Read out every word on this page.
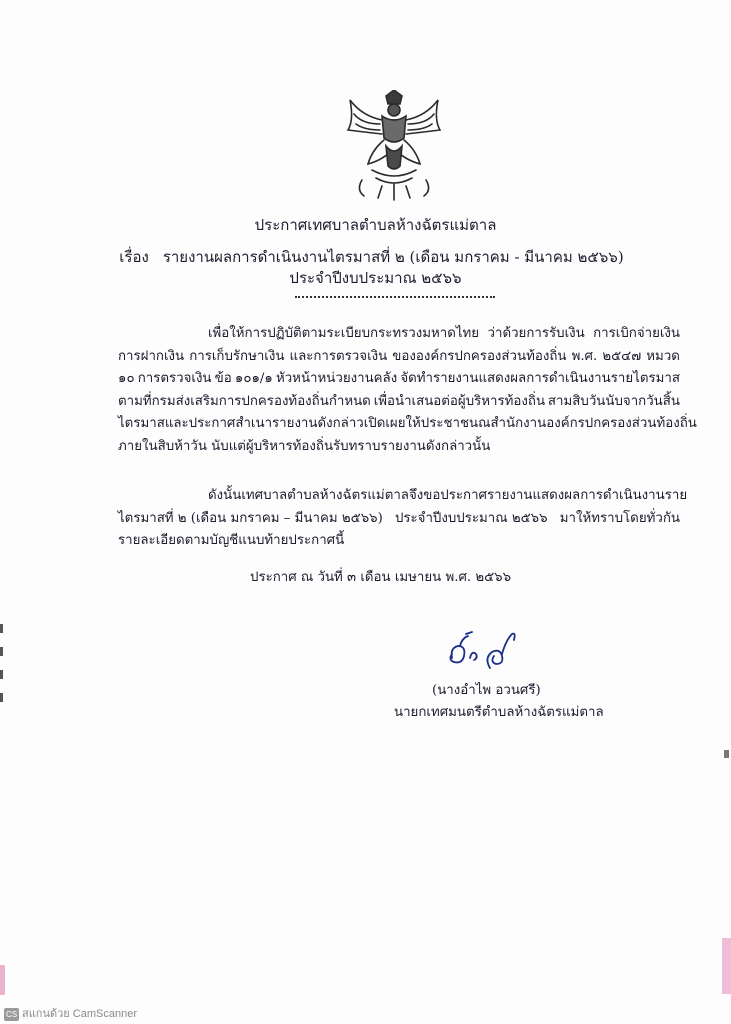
ประกาศเทศบาลตำบลห้างฉัตรแม่ตาล
เรื่อง รายงานผลการดำเนินงานไตรมาสที่ ๒ (เดือน มกราคม - มีนาคม ๒๕๖๖)
ประจำปีงบประมาณ ๒๕๖๖
เพื่อให้การปฏิบัติตามระเบียบกระทรวงมหาดไทย ว่าด้วยการรับเงิน การเบิกจ่ายเงิน
การฝากเงิน การเก็บรักษาเงิน และการตรวจเงิน ขององค์กรปกครองส่วนท้องถิ่น พ.ศ. ๒๕๔๗ หมวด
๑๐ การตรวจเงิน ข้อ ๑๐๑/๑ หัวหน้าหน่วยงานคลัง จัดทำรายงานแสดงผลการดำเนินงานรายไตรมาส
ตามที่กรมส่งเสริมการปกครองท้องถิ่นกำหนด เพื่อนำเสนอต่อผู้บริหารท้องถิ่น สามสิบวันนับจากวันสิ้น
ไตรมาส และประกาศสำเนารายงานดังกล่าวเปิดเผยให้ประชาชน ณ สำนักงานองค์กรปกครองส่วนท้องถิ่น
ภายในสิบห้าวัน นับแต่ผู้บริหารท้องถิ่นรับทราบรายงานดังกล่าวนั้น
ดังนั้น เทศบาลตำบลห้างฉัตรแม่ตาล จึงขอประกาศรายงานแสดงผลการดำเนินงานราย
ไตรมาสที่ ๒ (เดือน มกราคม – มีนาคม ๒๕๖๖) ประจำปีงบประมาณ ๒๕๖๖ มาให้ทราบโดยทั่วกัน
รายละเอียดตามบัญชีแนบท้ายประกาศนี้
ประกาศ ณ วันที่ ๓ เดือน เมษายน พ.ศ. ๒๕๖๖
(นางอำไพ อวนศรี)
นายกเทศมนตรีตำบลห้างฉัตรแม่ตาล
CS สแกนด้วย CamScanner
